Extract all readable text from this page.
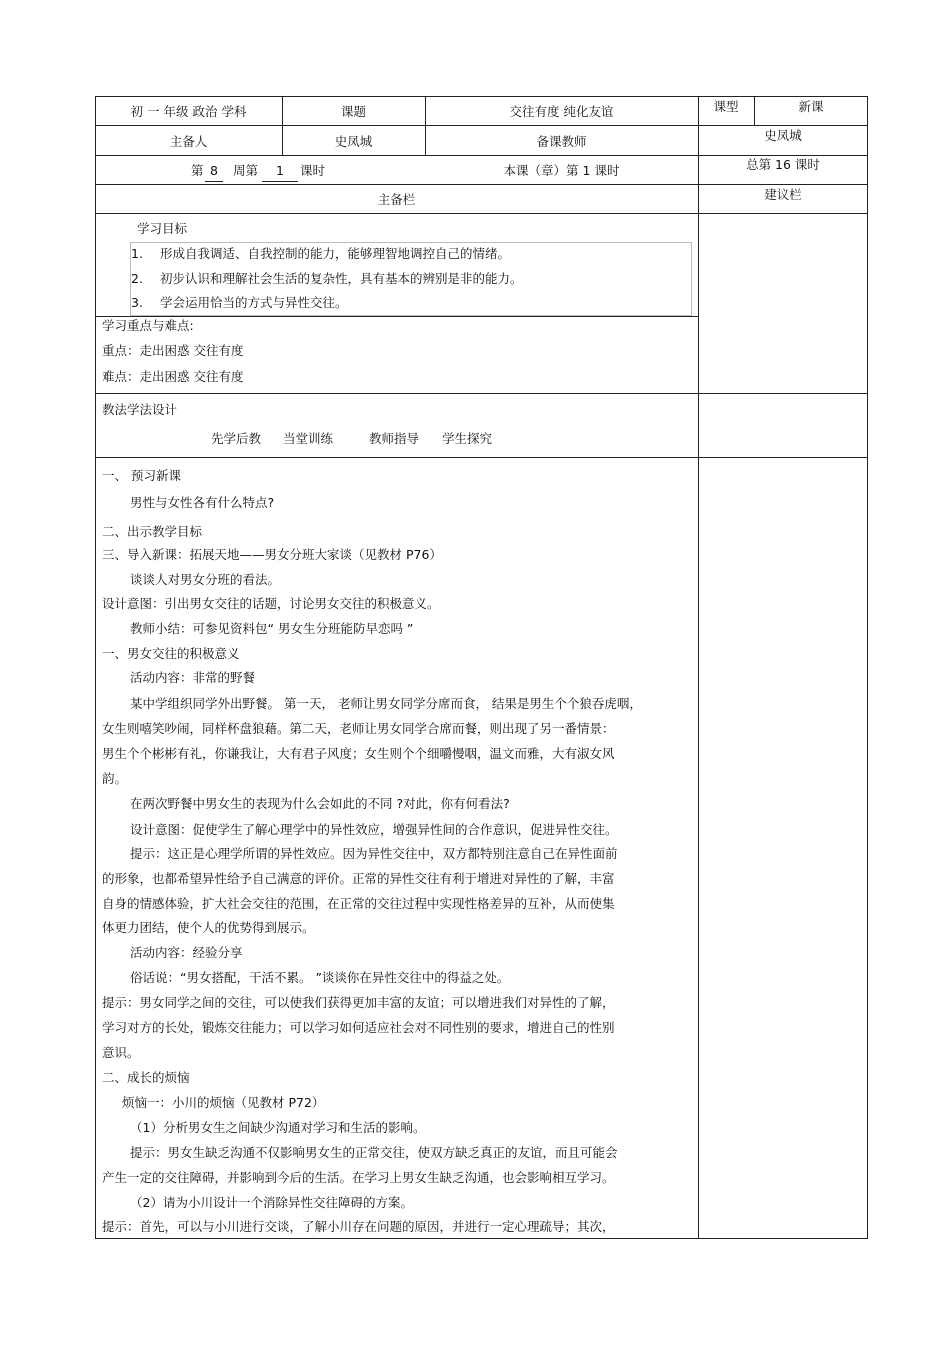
初 一 年级 政治 学科	课题	交往有度 纯化友谊	课型	新课
主备人	史凤城	备课教师	史凤城
第 8	周第	1	课时	本课（章）第 1 课时	总第 16 课时
主备栏	建议栏
学习目标
1. 形成自我调适、自我控制的能力，能够理智地调控自己的情绪。
2. 初步认识和理解社会生活的复杂性，具有基本的辨别是非的能力。
3. 学会运用恰当的方式与异性交往。
学习重点与难点:
重点：走出困惑 交往有度
难点：走出困惑 交往有度
教法学法设计
先学后教 当堂训练	教师指导 学生探究
一、 预习新课
男性与女性各有什么特点?
二、出示教学目标
三、导入新课：拓展天地——男女分班大家谈（见教材 P76）
谈谈人对男女分班的看法。
设计意图：引出男女交往的话题，讨论男女交往的积极意义。
教师小结：可参见资料包“ 男女生分班能防早恋吗 ”
一、男女交往的积极意义
活动内容：非常的野餐
某中学组织同学外出野餐。 第一天， 老师让男女同学分席而食， 结果是男生个个狼吞虎咽，
女生则嘻笑吵闹，同样杯盘狼藉。第二天，老师让男女同学合席而餐，则出现了另一番情景：
男生个个彬彬有礼，你谦我让，大有君子风度；女生则个个细嚼慢咽，温文而雅，大有淑女风
韵。
在两次野餐中男女生的表现为什么会如此的不同 ?对此，你有何看法?
设计意图：促使学生了解心理学中的异性效应，增强异性间的合作意识，促进异性交往。
提示：这正是心理学所谓的异性效应。因为异性交往中，双方都特别注意自己在异性面前
的形象，也都希望异性给予自己满意的评价。正常的异性交往有利于增进对异性的了解，丰富
自身的情感体验，扩大社会交往的范围，在正常的交往过程中实现性格差异的互补，从而使集
体更力团结，使个人的优势得到展示。
活动内容：经验分享
俗话说：“男女搭配，干活不累。 ”谈谈你在异性交往中的得益之处。
提示：男女同学之间的交往，可以使我们获得更加丰富的友谊；可以增进我们对异性的了解，
学习对方的长处，锻炼交往能力；可以学习如何适应社会对不同性别的要求，增进自己的性别
意识。
二、成长的烦恼
烦恼一：小川的烦恼（见教材 P72）
（1）分析男女生之间缺少沟通对学习和生活的影响。
提示：男女生缺乏沟通不仅影响男女生的正常交往，使双方缺乏真正的友谊，而且可能会
产生一定的交往障碍，并影响到今后的生活。在学习上男女生缺乏沟通，也会影响相互学习。
（2）请为小川设计一个消除异性交往障碍的方案。
提示：首先，可以与小川进行交谈，了解小川存在问题的原因，并进行一定心理疏导；其次，
